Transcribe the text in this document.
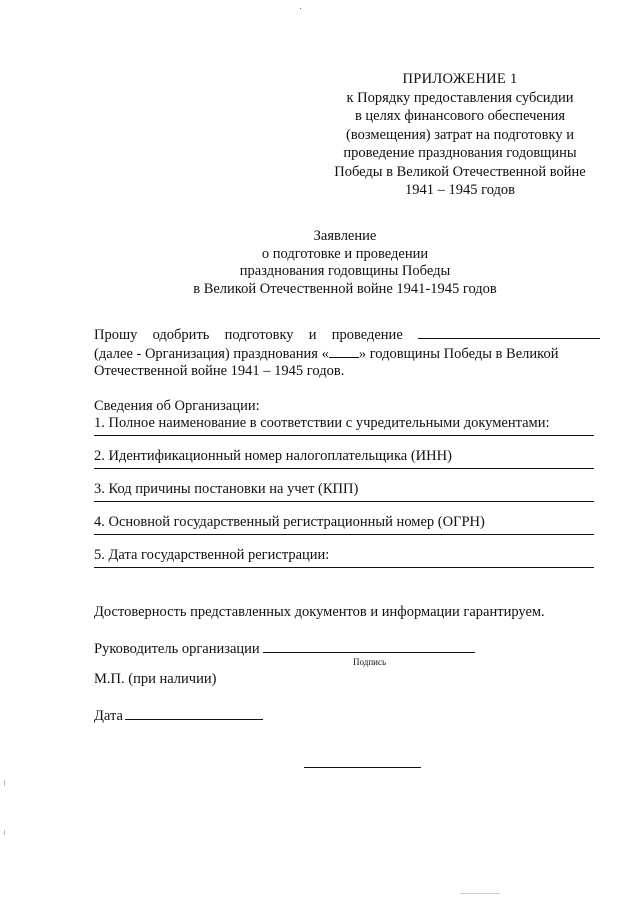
ПРИЛОЖЕНИЕ 1
к Порядку предоставления субсидии
в целях финансового обеспечения
(возмещения) затрат на подготовку и
проведение празднования годовщины
Победы в Великой Отечественной войне
1941 – 1945 годов
Заявление
о подготовке и проведении
празднования годовщины Победы
в Великой Отечественной войне 1941-1945 годов
Прошу одобрить подготовку и проведение
(далее - Организация) празднования « » годовщины Победы в Великой
Отечественной войне 1941 – 1945 годов.
Сведения об Организации:
1. Полное наименование в соответствии с учредительными документами:
2. Идентификационный номер налогоплательщика (ИНН)
3. Код причины постановки на учет (КПП)
4. Основной государственный регистрационный номер (ОГРН)
5. Дата государственной регистрации:
Достоверность представленных документов и информации гарантируем.
Руководитель организации
Подпись
М.П. (при наличии)
Дата
